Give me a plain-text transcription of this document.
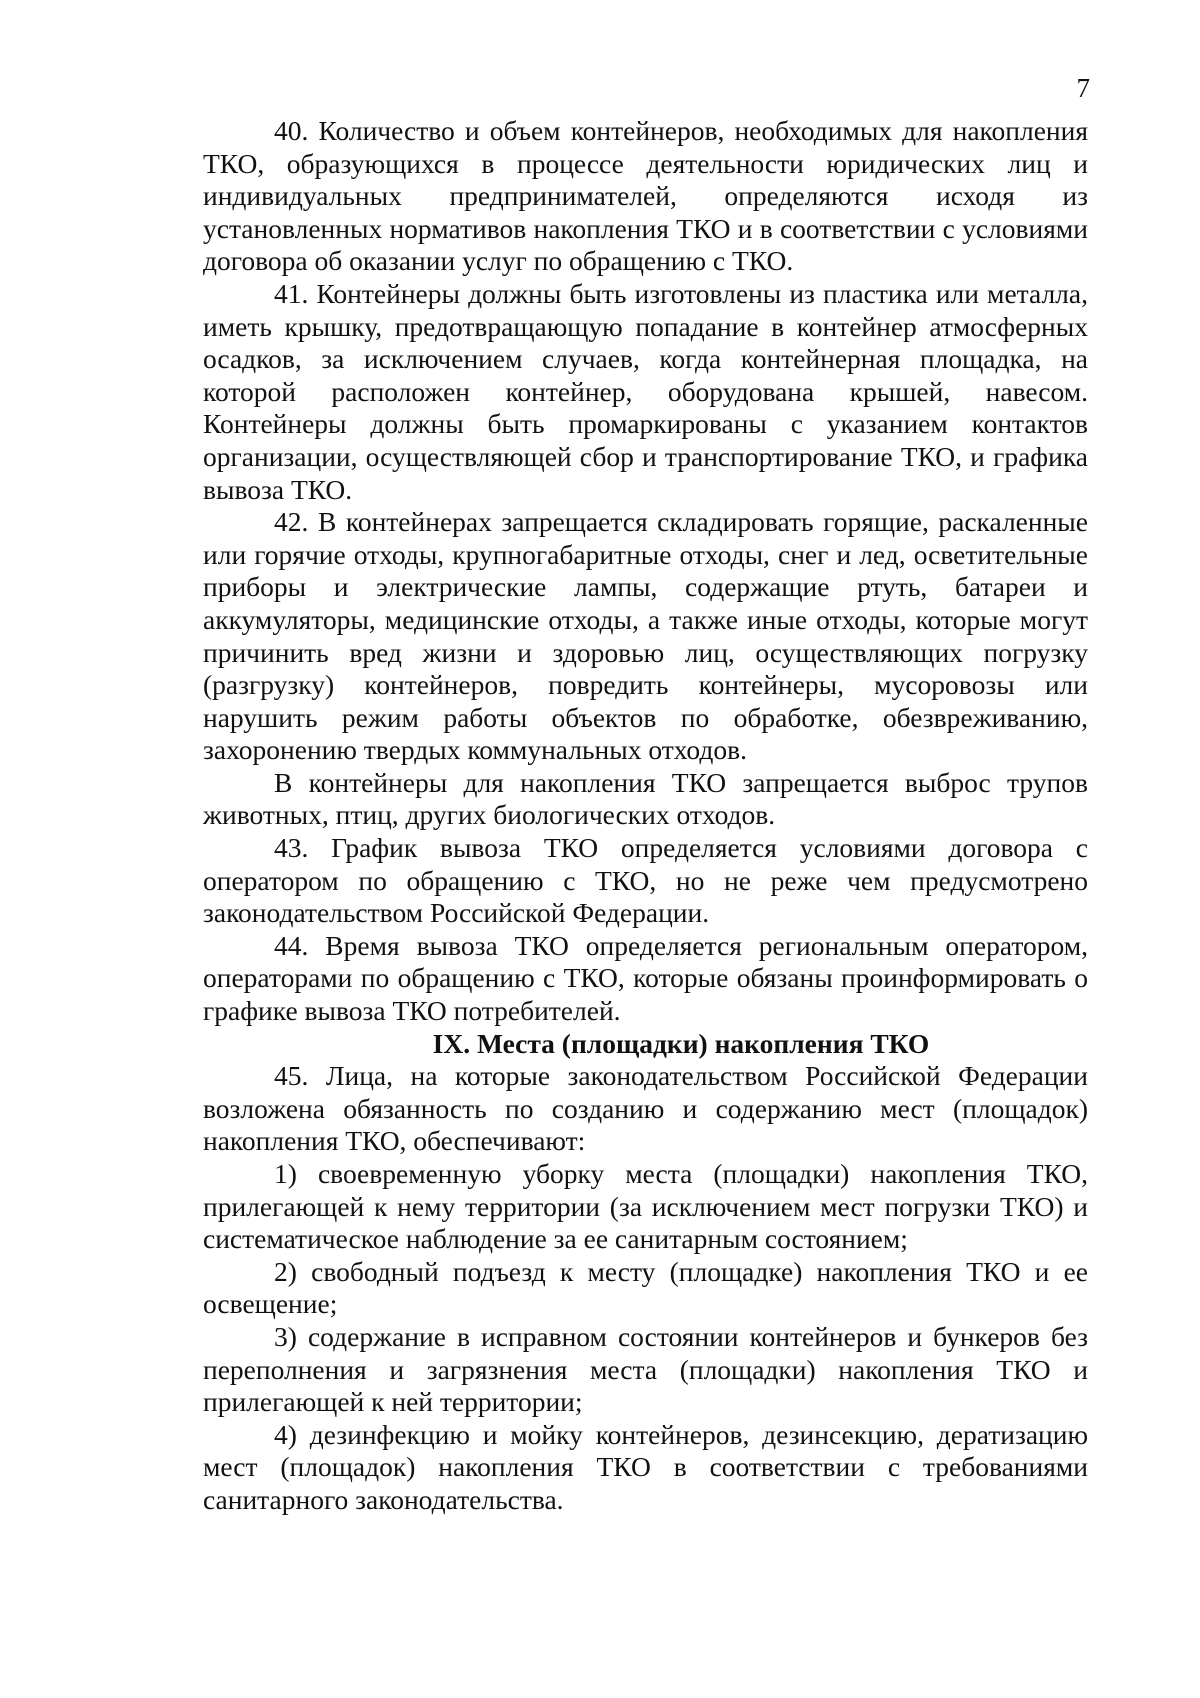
7

40. Количество и объем контейнеров, необходимых для накопления ТКО, образующихся в процессе деятельности юридических лиц и индивидуальных предпринимателей, определяются исходя из установленных нормативов накопления ТКО и в соответствии с условиями договора об оказании услуг по обращению с ТКО.

41. Контейнеры должны быть изготовлены из пластика или металла, иметь крышку, предотвращающую попадание в контейнер атмосферных осадков, за исключением случаев, когда контейнерная площадка, на которой расположен контейнер, оборудована крышей, навесом. Контейнеры должны быть промаркированы с указанием контактов организации, осуществляющей сбор и транспортирование ТКО, и графика вывоза ТКО.

42. В контейнерах запрещается складировать горящие, раскаленные или горячие отходы, крупногабаритные отходы, снег и лед, осветительные приборы и электрические лампы, содержащие ртуть, батареи и аккумуляторы, медицинские отходы, а также иные отходы, которые могут причинить вред жизни и здоровью лиц, осуществляющих погрузку (разгрузку) контейнеров, повредить контейнеры, мусоровозы или нарушить режим работы объектов по обработке, обезвреживанию, захоронению твердых коммунальных отходов.

В контейнеры для накопления ТКО запрещается выброс трупов животных, птиц, других биологических отходов.

43. График вывоза ТКО определяется условиями договора с оператором по обращению с ТКО, но не реже чем предусмотрено законодательством Российской Федерации.

44. Время вывоза ТКО определяется региональным оператором, операторами по обращению с ТКО, которые обязаны проинформировать о графике вывоза ТКО потребителей.

IX. Места (площадки) накопления ТКО

45. Лица, на которые законодательством Российской Федерации возложена обязанность по созданию и содержанию мест (площадок) накопления ТКО, обеспечивают:

1) своевременную уборку места (площадки) накопления ТКО, прилегающей к нему территории (за исключением мест погрузки ТКО) и систематическое наблюдение за ее санитарным состоянием;

2) свободный подъезд к месту (площадке) накопления ТКО и ее освещение;

3) содержание в исправном состоянии контейнеров и бункеров без переполнения и загрязнения места (площадки) накопления ТКО и прилегающей к ней территории;

4) дезинфекцию и мойку контейнеров, дезинсекцию, дератизацию мест (площадок) накопления ТКО в соответствии с требованиями санитарного законодательства.
